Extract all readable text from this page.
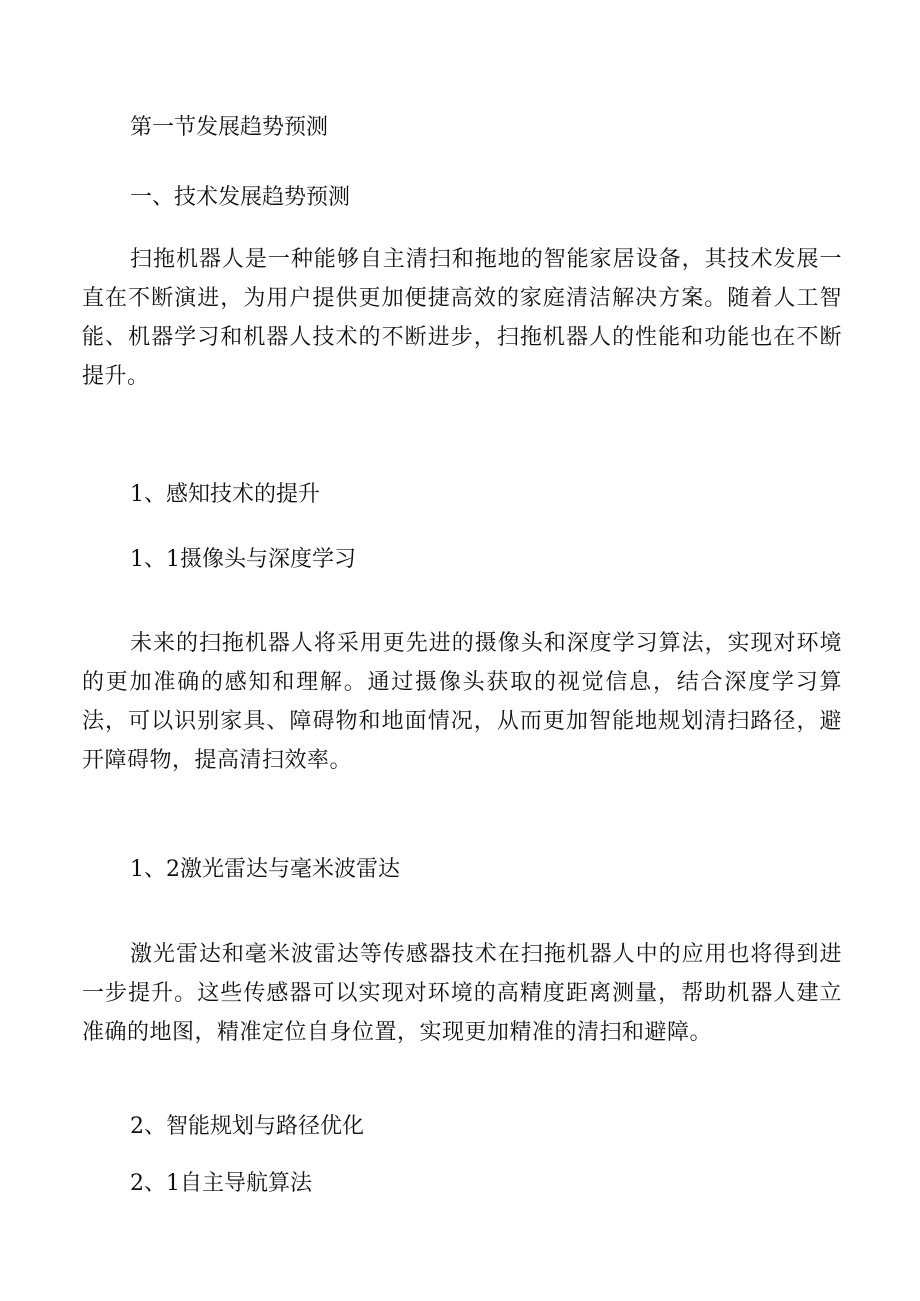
第一节发展趋势预测
一、技术发展趋势预测
扫拖机器人是一种能够自主清扫和拖地的智能家居设备，其技术发展一直在不断演进，为用户提供更加便捷高效的家庭清洁解决方案。随着人工智能、机器学习和机器人技术的不断进步，扫拖机器人的性能和功能也在不断提升。
1、感知技术的提升
1、1摄像头与深度学习
未来的扫拖机器人将采用更先进的摄像头和深度学习算法，实现对环境的更加准确的感知和理解。通过摄像头获取的视觉信息，结合深度学习算法，可以识别家具、障碍物和地面情况，从而更加智能地规划清扫路径，避开障碍物，提高清扫效率。
1、2激光雷达与毫米波雷达
激光雷达和毫米波雷达等传感器技术在扫拖机器人中的应用也将得到进一步提升。这些传感器可以实现对环境的高精度距离测量，帮助机器人建立准确的地图，精准定位自身位置，实现更加精准的清扫和避障。
2、智能规划与路径优化
2、1自主导航算法
